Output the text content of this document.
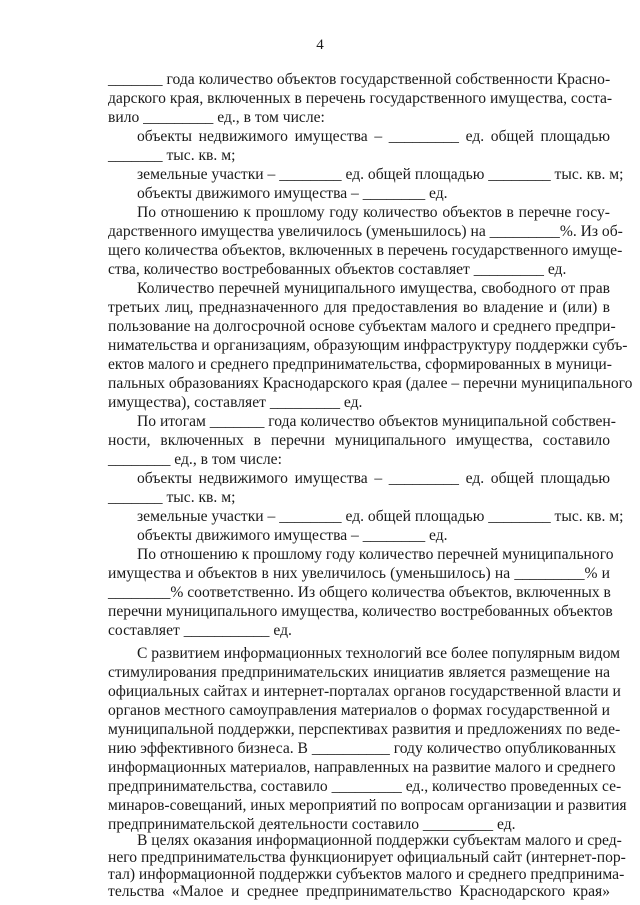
4
_______ года количество объектов государственной собственности Красно-
дарского края, включенных в перечень государственного имущества, соста-
вило _________ ед., в том числе:
объекты недвижимого имущества – _________ ед. общей площадью
_______ тыс. кв. м;
земельные участки – ________ ед. общей площадью ________ тыс. кв. м;
объекты движимого имущества – ________ ед.
По отношению к прошлому году количество объектов в перечне госу-
дарственного имущества увеличилось (уменьшилось) на _________%. Из об-
щего количества объектов, включенных в перечень государственного имуще-
ства, количество востребованных объектов составляет _________ ед.
Количество перечней муниципального имущества, свободного от прав
третьих лиц, предназначенного для предоставления во владение и (или) в
пользование на долгосрочной основе субъектам малого и среднего предпри-
нимательства и организациям, образующим инфраструктуру поддержки субъ-
ектов малого и среднего предпринимательства, сформированных в муници-
пальных образованиях Краснодарского края (далее – перечни муниципального
имущества), составляет _________ ед.
По итогам _______ года количество объектов муниципальной собствен-
ности, включенных в перечни муниципального имущества, составило
________ ед., в том числе:
объекты недвижимого имущества – _________ ед. общей площадью
_______ тыс. кв. м;
земельные участки – ________ ед. общей площадью ________ тыс. кв. м;
объекты движимого имущества – ________ ед.
По отношению к прошлому году количество перечней муниципального
имущества и объектов в них увеличилось (уменьшилось) на _________% и
________% соответственно. Из общего количества объектов, включенных в
перечни муниципального имущества, количество востребованных объектов
составляет ___________ ед.
С развитием информационных технологий все более популярным видом
стимулирования предпринимательских инициатив является размещение на
официальных сайтах и интернет-порталах органов государственной власти и
органов местного самоуправления материалов о формах государственной и
муниципальной поддержки, перспективах развития и предложениях по веде-
нию эффективного бизнеса. В __________ году количество опубликованных
информационных материалов, направленных на развитие малого и среднего
предпринимательства, составило _________ ед., количество проведенных се-
минаров-совещаний, иных мероприятий по вопросам организации и развития
предпринимательской деятельности составило _________ ед.
В целях оказания информационной поддержки субъектам малого и сред-
него предпринимательства функционирует официальный сайт (интернет-пор-
тал) информационной поддержки субъектов малого и среднего предпринима-
тельства «Малое и среднее предпринимательство Краснодарского края»
